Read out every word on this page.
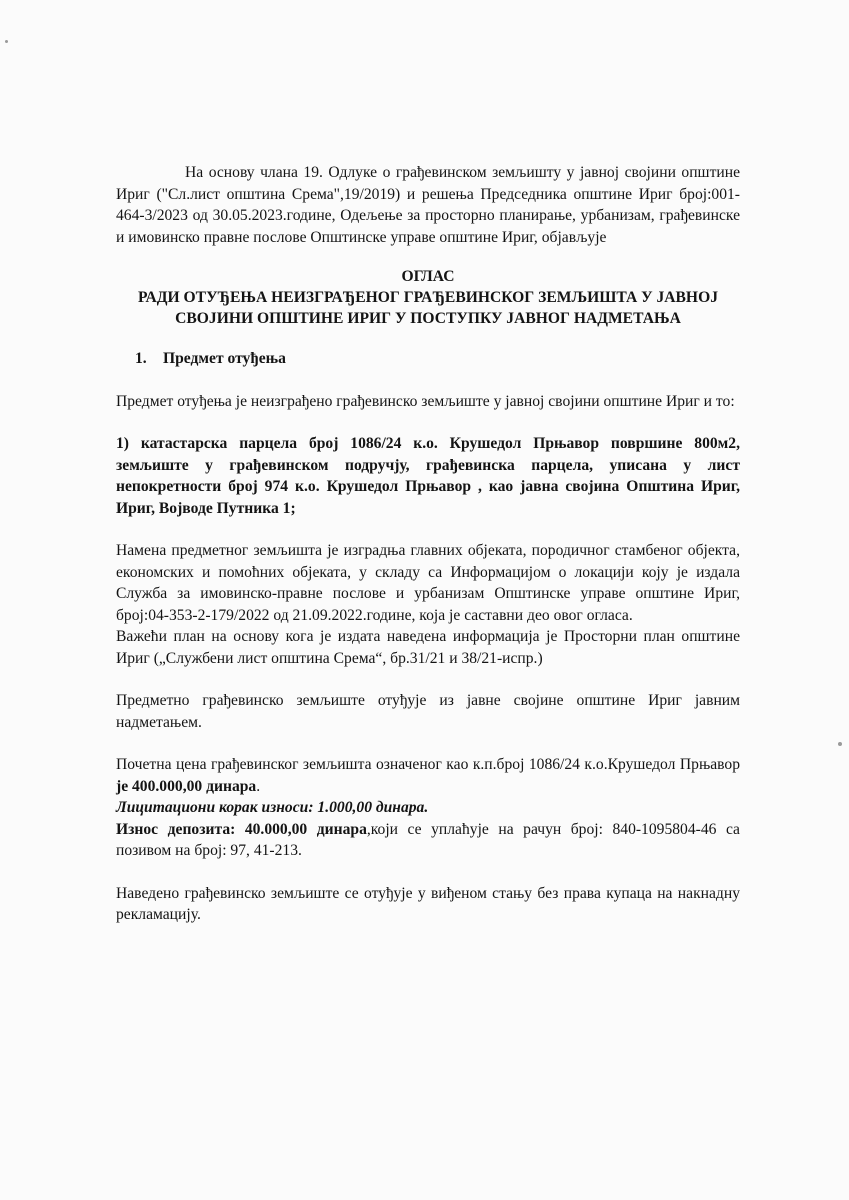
На основу члана 19. Одлуке о грађевинском земљишту у јавној својини општине Ириг ("Сл.лист општина Срема",19/2019) и решења Председника општине Ириг број:001-464-3/2023 од 30.05.2023.године, Одељење за просторно планирање, урбанизам, грађевинске и имовинско правне послове Општинске управе општине Ириг, објављује

ОГЛАС

РАДИ ОТУЂЕЊА НЕИЗГРАЂЕНОГ ГРАЂЕВИНСКОГ ЗЕМЉИШТА У ЈАВНОЈ СВОЈИНИ ОПШТИНЕ ИРИГ У ПОСТУПКУ ЈАВНОГ НАДМЕТАЊА

1. Предмет отуђења

Предмет отуђења је неизграђено грађевинско земљиште у јавној својини општине Ириг и то:

1) катастарска парцела број 1086/24 к.о. Крушедол Прњавор површине 800м2, земљиште у грађевинском подручју, грађевинска парцела, уписана у лист непокретности број 974 к.о. Крушедол Прњавор , као јавна својина Општина Ириг, Ириг, Војводе Путника 1;

Намена предметног земљишта је изградња главних објеката, породичног стамбеног објекта, економских и помоћних објеката, у складу са Информацијом о локацији коју је издала Служба за имовинско-правне послове и урбанизам Општинске управе општине Ириг, број:04-353-2-179/2022 од 21.09.2022.године, која је саставни део овог огласа.

Важећи план на основу кога је издата наведена информација је Просторни план општине Ириг („Службени лист општина Срема“, бр.31/21 и 38/21-испр.)

Предметно грађевинско земљиште отуђује из јавне својине општине Ириг јавним надметањем.

Почетна цена грађевинског земљишта означеног као к.п.број 1086/24 к.о.Крушедол Прњавор је 400.000,00 динара.

Лицитациони корак износи: 1.000,00 динара.

Износ депозита: 40.000,00 динара,који се уплаћује на рачун број: 840-1095804-46 са позивом на број: 97, 41-213.

Наведено грађевинско земљиште се отуђује у виђеном стању без права купаца на накнадну рекламацију.
